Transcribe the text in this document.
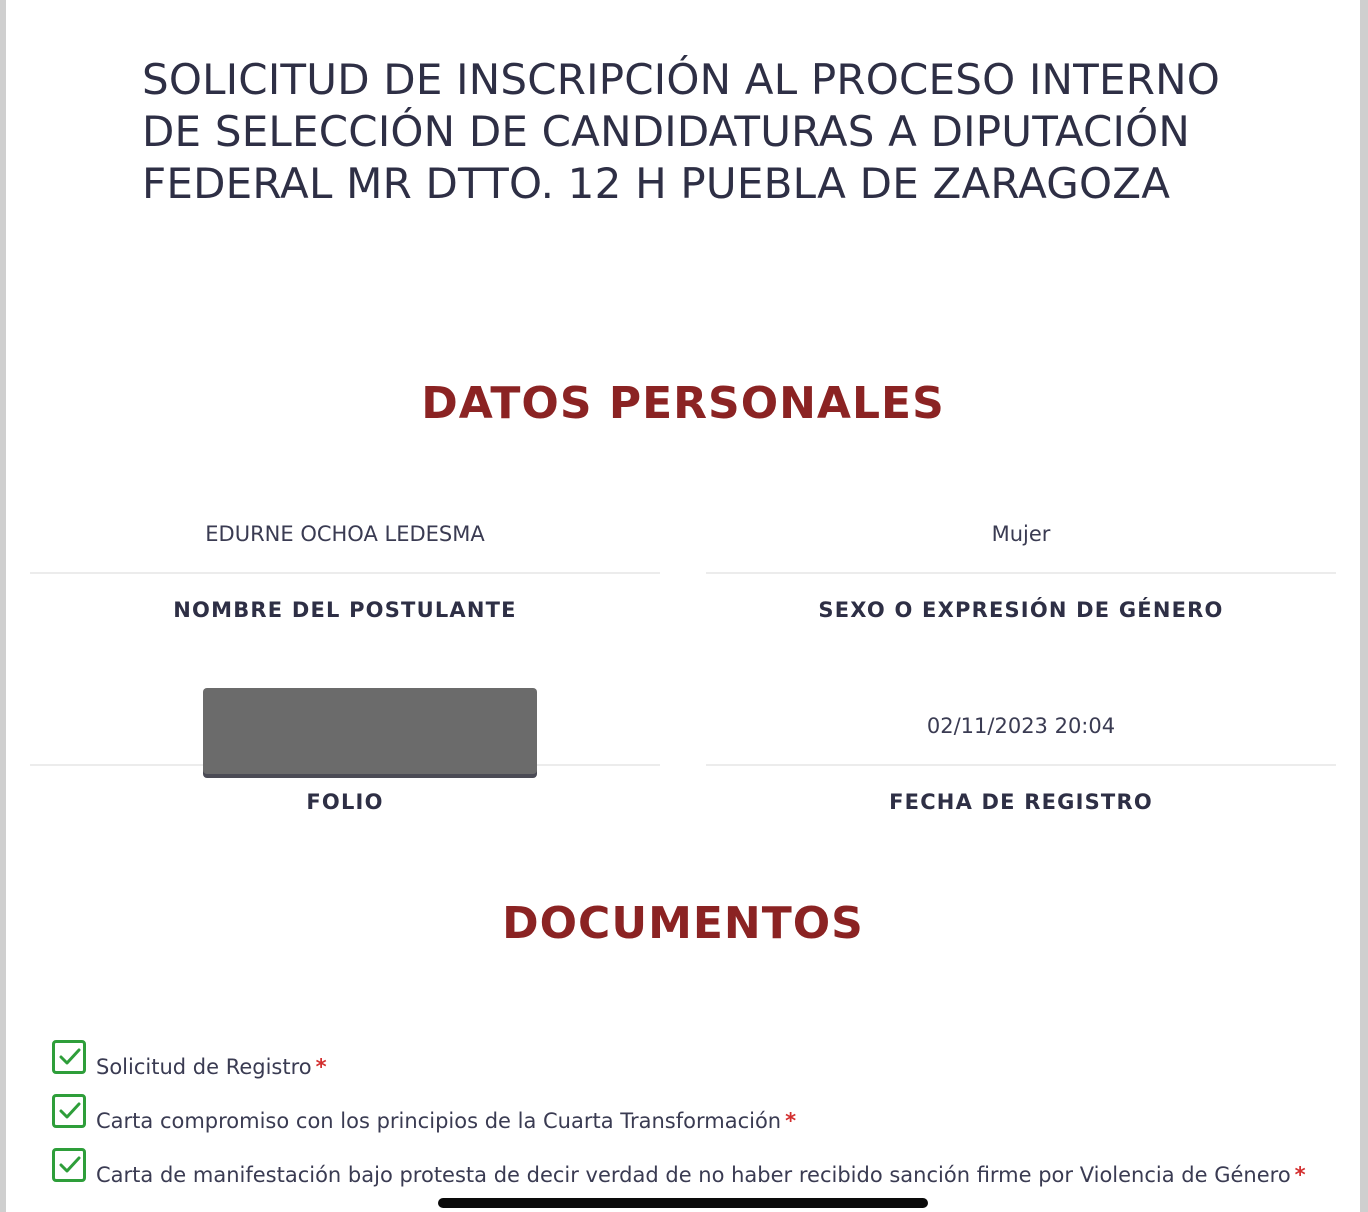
SOLICITUD DE INSCRIPCIÓN AL PROCESO INTERNO DE SELECCIÓN DE CANDIDATURAS A DIPUTACIÓN FEDERAL MR DTTO. 12 H PUEBLA DE ZARAGOZA
DATOS PERSONALES
EDURNE OCHOA LEDESMA
NOMBRE DEL POSTULANTE
Mujer
SEXO O EXPRESIÓN DE GÉNERO
FOLIO
02/11/2023 20:04
FECHA DE REGISTRO
DOCUMENTOS
Solicitud de Registro *
Carta compromiso con los principios de la Cuarta Transformación *
Carta de manifestación bajo protesta de decir verdad de no haber recibido sanción firme por Violencia de Género *
